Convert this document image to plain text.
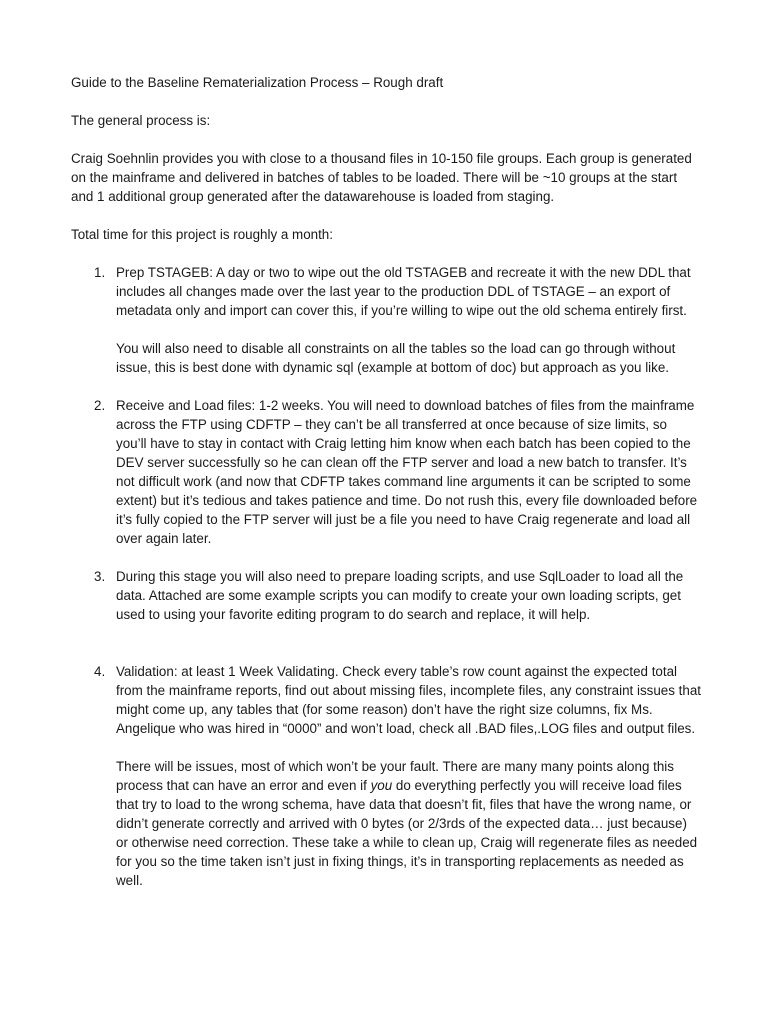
Guide to the Baseline Rematerialization Process – Rough draft

The general process is:

Craig Soehnlin provides you with close to a thousand files in 10-150 file groups. Each group is generated on the mainframe and delivered in batches of tables to be loaded. There will be ~10 groups at the start and 1 additional group generated after the datawarehouse is loaded from staging.

Total time for this project is roughly a month:

1. Prep TSTAGEB: A day or two to wipe out the old TSTAGEB and recreate it with the new DDL that includes all changes made over the last year to the production DDL of TSTAGE – an export of metadata only and import can cover this, if you’re willing to wipe out the old schema entirely first.

You will also need to disable all constraints on all the tables so the load can go through without issue, this is best done with dynamic sql (example at bottom of doc) but approach as you like.

2. Receive and Load files: 1-2 weeks. You will need to download batches of files from the mainframe across the FTP using CDFTP – they can’t be all transferred at once because of size limits, so you’ll have to stay in contact with Craig letting him know when each batch has been copied to the DEV server successfully so he can clean off the FTP server and load a new batch to transfer. It’s not difficult work (and now that CDFTP takes command line arguments it can be scripted to some extent) but it’s tedious and takes patience and time. Do not rush this, every file downloaded before it’s fully copied to the FTP server will just be a file you need to have Craig regenerate and load all over again later.

3. During this stage you will also need to prepare loading scripts, and use SqlLoader to load all the data. Attached are some example scripts you can modify to create your own loading scripts, get used to using your favorite editing program to do search and replace, it will help.

4. Validation: at least 1 Week Validating. Check every table’s row count against the expected total from the mainframe reports, find out about missing files, incomplete files, any constraint issues that might come up, any tables that (for some reason) don’t have the right size columns, fix Ms. Angelique who was hired in “0000” and won’t load, check all .BAD files,.LOG files and output files.

There will be issues, most of which won’t be your fault. There are many many points along this process that can have an error and even if you do everything perfectly you will receive load files that try to load to the wrong schema, have data that doesn’t fit, files that have the wrong name, or didn’t generate correctly and arrived with 0 bytes (or 2/3rds of the expected data… just because) or otherwise need correction. These take a while to clean up, Craig will regenerate files as needed for you so the time taken isn’t just in fixing things, it’s in transporting replacements as needed as well.
